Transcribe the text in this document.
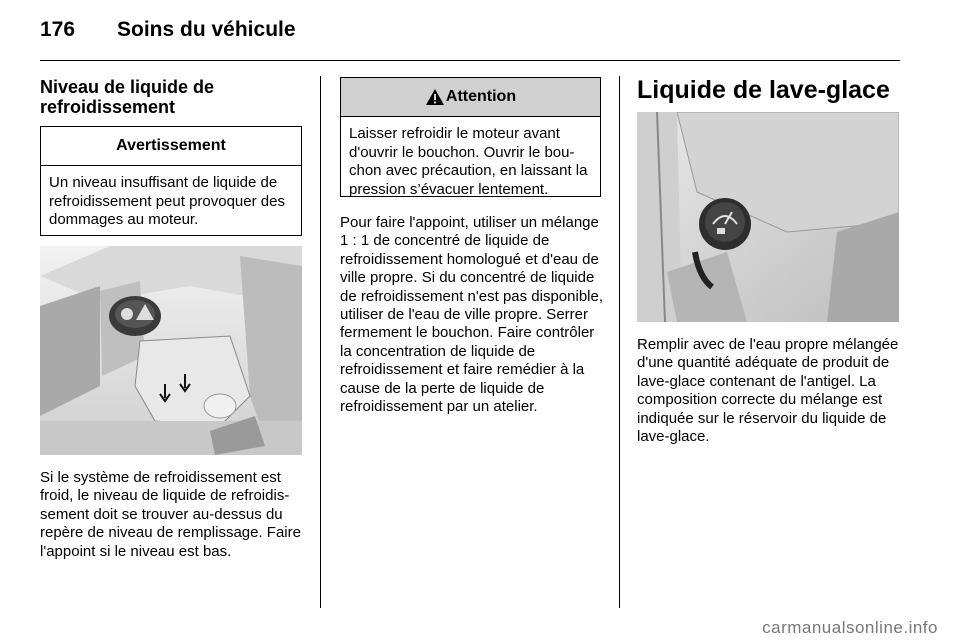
176 Soins du véhicule
Niveau de liquide de refroidissement
Avertissement
Un niveau insuffisant de liquide de refroidissement peut provoquer des dommages au moteur.
Si le système de refroidissement est froid, le niveau de liquide de refroidissement doit se trouver au-dessus du repère de niveau de remplissage. Faire l'appoint si le niveau est bas.
Attention
Laisser refroidir le moteur avant d'ouvrir le bouchon. Ouvrir le bouchon avec précaution, en laissant la pression s’évacuer lentement.
Pour faire l'appoint, utiliser un mélange 1 : 1 de concentré de liquide de refroidissement homologué et d'eau de ville propre. Si du concentré de liquide de refroidissement n'est pas disponible, utiliser de l'eau de ville propre. Serrer fermement le bouchon. Faire contrôler la concentration de liquide de refroidissement et faire remédier à la cause de la perte de liquide de refroidissement par un atelier.
Liquide de lave-glace
Remplir avec de l'eau propre mélangée d'une quantité adéquate de produit de lave-glace contenant de l'antigel. La composition correcte du mélange est indiquée sur le réservoir du liquide de lave-glace.
carmanualsonline.info
